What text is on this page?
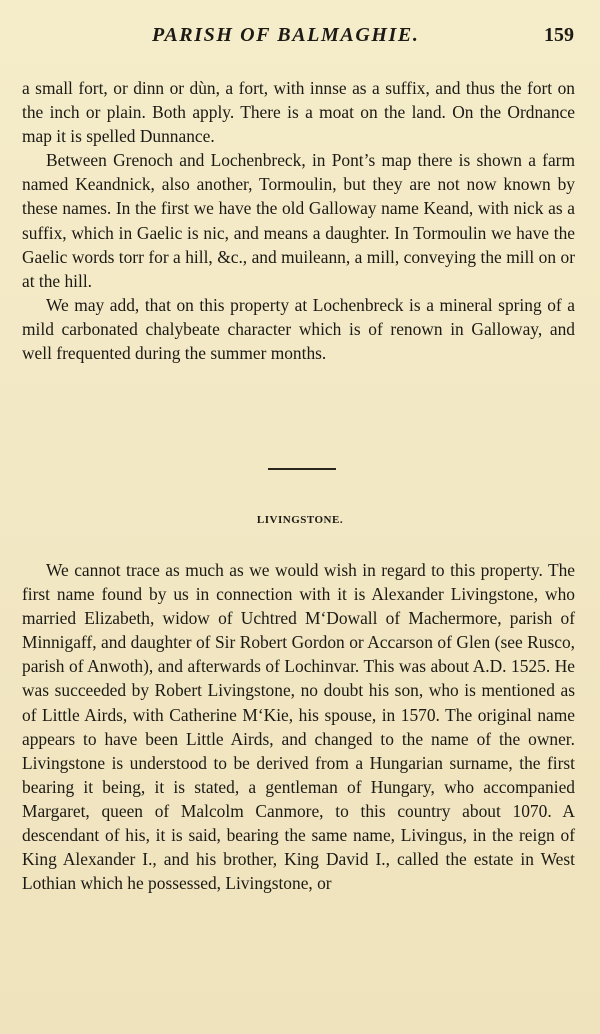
PARISH OF BALMAGHIE.	159

a small fort, or dinn or dùn, a fort, with innse as a suffix, and thus the fort on the inch or plain. Both apply. There is a moat on the land. On the Ordnance map it is spelled Dunnance.

Between Grenoch and Lochenbreck, in Pont’s map there is shown a farm named Keandnick, also another, Tormoulin, but they are not now known by these names. In the first we have the old Galloway name Keand, with nick as a suffix, which in Gaelic is nic, and means a daughter. In Tormoulin we have the Gaelic words torr for a hill, &c., and muileann, a mill, conveying the mill on or at the hill.

We may add, that on this property at Lochenbreck is a mineral spring of a mild carbonated chalybeate character which is of renown in Galloway, and well frequented during the summer months.

LIVINGSTONE.

We cannot trace as much as we would wish in regard to this property. The first name found by us in connection with it is Alexander Livingstone, who married Elizabeth, widow of Uchtred M‘Dowall of Machermore, parish of Minnigaff, and daughter of Sir Robert Gordon or Accarson of Glen (see Rusco, parish of Anwoth), and afterwards of Lochinvar. This was about A.D. 1525. He was succeeded by Robert Livingstone, no doubt his son, who is mentioned as of Little Airds, with Catherine M‘Kie, his spouse, in 1570. The original name appears to have been Little Airds, and changed to the name of the owner. Livingstone is understood to be derived from a Hungarian surname, the first bearing it being, it is stated, a gentleman of Hungary, who accompanied Margaret, queen of Malcolm Canmore, to this country about 1070. A descendant of his, it is said, bearing the same name, Livingus, in the reign of King Alexander I., and his brother, King David I., called the estate in West Lothian which he possessed, Livingstone, or
